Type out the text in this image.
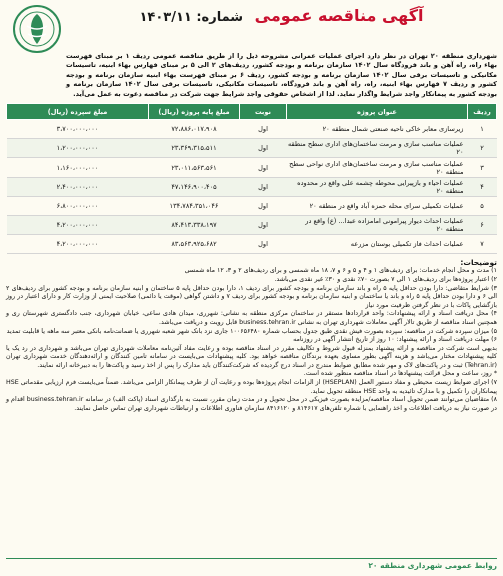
آگهی مناقصه عمومی شماره: ۱۴۰۳/۱۱
شهرداری منطقه ۲۰ تهران در نظر دارد اجرای عملیات عمرانی مشروحه ذیل را از طریق مناقصه عمومی ردیف ۱ بر مبنای فهرست بهاء راه، راه آهن و باند فرودگاه سال ۱۴۰۲ سازمان برنامه و بودجه کشور، ردیف‌های ۲ الی ۵ بر مبنای فهارس بهاء ابنیه، تاسیسات مکانیکی و تاسیسات برقی سال ۱۴۰۲ سازمان برنامه و بودجه کشور، ردیف ۶ بر مبنای فهرست بهاء ابنیه سازمان برنامه و بودجه کشور و ردیف ۷ فهارس بهاء ابنیه، راه، راه آهن و باند فرودگاه، تاسیسات مکانیکی، تاسیسات برقی سال ۱۴۰۲ سازمان برنامه و بودجه کشور به پیمانکار واجد شرایط واگذار نماید. لذا از اشخاص حقوقی واجد شرایط جهت شرکت در مناقصه دعوت به عمل می‌آید.
ردیف	عنوان پروژه	نوبت	مبلغ پایه پروژه (ریال)	مبلغ سپرده (ریال)
۱	زیرسازی معابر خاکی ناحیه صنعتی شمال منطقه ۲۰	اول	۷۲،۸۸۶،۰۱۷،۹۰۸	۳،۷۰۰،۰۰۰،۰۰۰
۲	عملیات مناسب سازی و مرمت ساختمان‌های اداری سطح منطقه ۲۰	اول	۲۳،۳۶۹،۳۱۵،۵۱۱	۱،۲۰۰،۰۰۰،۰۰۰
۳	عملیات مناسب سازی و مرمت ساختمان‌های اداری نواحی سطح منطقه ۲۰	اول	۲۳،۰۱۱،۵۶۳،۵۶۱	۱،۱۶۰،۰۰۰،۰۰۰
۴	عملیات احیاء و بازپیرایی محوطه چشمه علی واقع در محدوده منطقه ۲۰	اول	۴۷،۱۴۶،۹۰۰،۴۰۵	۲،۴۰۰،۰۰۰،۰۰۰
۵	عملیات تکمیلی سرای محله حمزه آباد واقع در منطقه ۲۰	اول	۱۳۴،۷۸۴،۳۵۱،۰۴۶	۶،۸۰۰،۰۰۰،۰۰۰
۶	عملیات احداث دیوار پیرامونی امامزاده عبدا... (ع) واقع در منطقه ۲۰	اول	۸۴،۴۱۳،۳۳۸،۱۹۷	۴،۲۰۰،۰۰۰،۰۰۰
۷	عملیات احداث فاز تکمیلی بوستان مزرعه	اول	۸۳،۵۶۳،۹۲۵،۶۸۲	۴،۲۰۰،۰۰۰،۰۰۰
توضیحات:

۱) مدت و محل انجام خدمات: برای ردیف‌های ۱ و ۴ و ۵ و ۶ و ۷، ۱۸ ماه شمسی و برای ردیف‌های ۲ و ۳، ۱۲ ماه شمسی

۲) اعتبار پروژه‌ها برای ردیف‌های ۱ الی ۷ بصورت ۷۰٪ نقدی و ۳۰٪ غیر نقدی می‌باشد.

۳) شرایط متقاضی: دارا بودن حداقل پایه ۵ راه و باند سازمان برنامه و بودجه کشور برای ردیف ۱، دارا بودن حداقل پایه ۵ ساختمان و ابنیه سازمان برنامه و بودجه کشور برای ردیف‌های ۲ الی ۶ و دارا بودن حداقل پایه ۵ راه و باند یا ساختمان و ابنیه سازمان برنامه و بودجه کشور برای ردیف ۷ و داشتن گواهی (موقت یا دائمی) صلاحیت ایمنی از وزارت کار و دارای اعتبار در روز بازگشایی پاکات با در نظر گرفتن ظرفیت مورد نیاز

۴) محل دریافت اسناد و ارائه پیشنهادات: واحد قراردادها مستقر در ساختمان مرکزی منطقه به نشانی: شهرری، میدان هادی ساعی، خیابان شهرداری، جنب دادگستری شهرستان ری و همچنین اسناد مناقصه از طریق تالار آگهی معاملات شهرداری تهران به نشانی business.tehran.ir قابل رویت و دریافت می‌باشد.

۵) میزان سپرده شرکت در مناقصه: سپرده بصورت فیش نقدی طبق جدول بحساب شماره ۱۰۰۶۵۶۴۸۰ جاری نزد بانک شهر شعبه شهرری یا ضمانت‌نامه بانکی معتبر سه ماهه یا قابلیت تمدید

۶) مهلت دریافت اسناد و ارائه پیشنهاد: ۱۰ روز از تاریخ انتشار آگهی در روزنامه

بدیهی است شرکت در مناقصه و ارائه پیشنهاد بمنزله قبول شروط و تکالیف مقرر در اسناد مناقصه بوده و رعایت مفاد آئین‌نامه معاملات شهرداری تهران می‌باشد و شهرداری در رد یک یا کلیه پیشنهادات مختار می‌باشد و هزینه آگهی بطور مساوی بعهده برندگان مناقصه خواهد بود. کلیه پیشنهادات می‌بایست در سامانه تامین کنندگان و ارائه‌دهندگان خدمت شهرداری تهران (Tehran.ir) ثبت و در پاکت‌های لاک و مهر شده مطابق ضوابط مندرج در اسناد درج گردیده که شرکت‌کنندگان باید مدارک را پس از اخذ رسید و پاکت‌ها را به دبیرخانه ارائه نمایند.

* روز، ساعت و محل قرائت پیشنهادها در اسناد مناقصه منظور شده است.

۷) اجرای ضوابط زیست محیطی و مفاد دستور العمل (HSEPLAN) از الزامات انجام پروژه‌ها بوده و رعایت آن از طرف پیمانکار الزامی می‌باشد. ضمناً می‌بایست فرم ارزیابی مقدماتی HSE پیمانکاران را تکمیل و با مدارک تائیدیه به واحد HSE منطقه تحویل نماید.

۸) متقاضیان می‌توانند ضمن تحویل اسناد مناقصه/مزایده بصورت فیزیکی در محل تحویل و در مدت زمان مقرر، نسبت به بارگذاری اسناد (پاکت الف) در سامانه business.tehran.ir اقدام و در صورت نیاز به دریافت اطلاعات و اخذ راهنمایی با شماره تلفن‌های ۸۱۴۶۱۷ و ۸۴۱۶۱۲۰ سازمان فناوری اطلاعات و ارتباطات شهرداری تهران تماس حاصل نمایند.

روابط عمومی شهرداری منطقه ۲۰
